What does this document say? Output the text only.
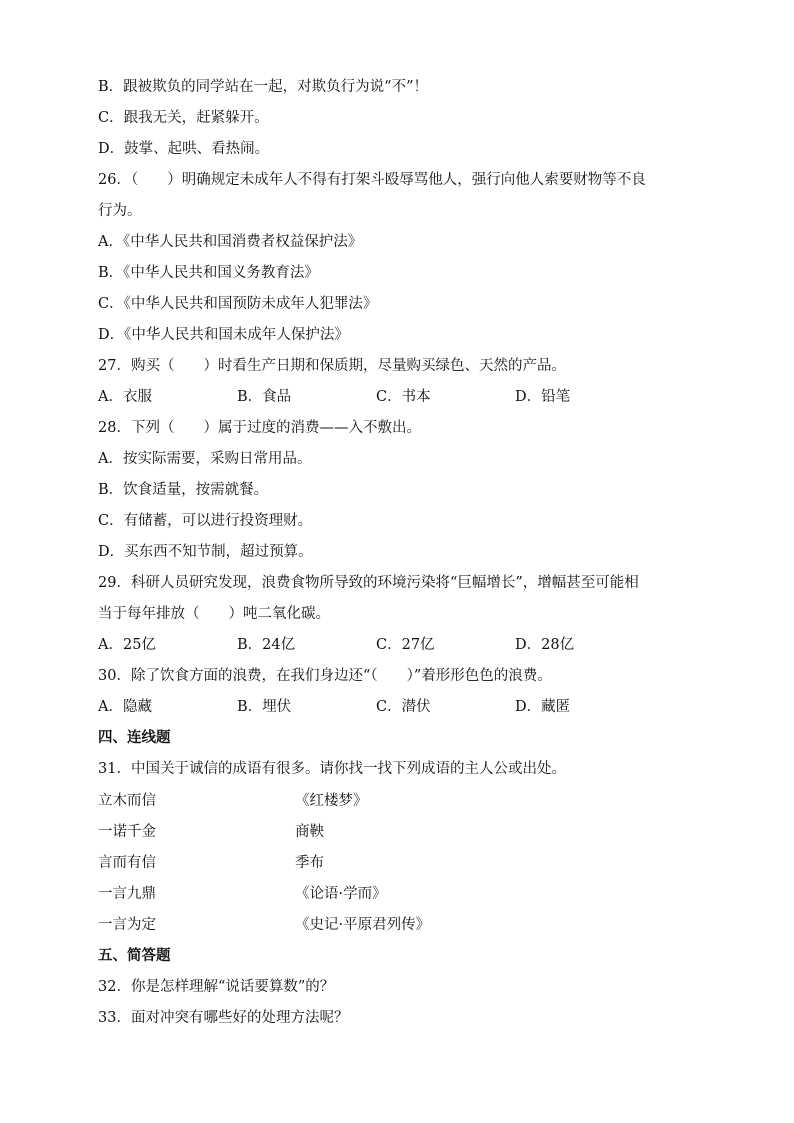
B．跟被欺负的同学站在一起，对欺负行为说“不”！
C．跟我无关，赶紧躲开。
D．鼓掌、起哄、看热闹。
26．（　　）明确规定未成年人不得有打架斗殴辱骂他人，强行向他人索要财物等不良
行为。
A．《中华人民共和国消费者权益保护法》
B．《中华人民共和国义务教育法》
C．《中华人民共和国预防未成年人犯罪法》
D．《中华人民共和国未成年人保护法》
27．购买（　　）时看生产日期和保质期，尽量购买绿色、天然的产品。
A．衣服	B．食品	C．书本	D．铅笔
28．下列（　　）属于过度的消费——入不敷出。
A．按实际需要，采购日常用品。
B．饮食适量，按需就餐。
C．有储蓄，可以进行投资理财。
D．买东西不知节制，超过预算。
29．科研人员研究发现，浪费食物所导致的环境污染将“巨幅增长”，增幅甚至可能相
当于每年排放（　　）吨二氧化碳。
A．25亿	B．24亿	C．27亿	D．28亿
30．除了饮食方面的浪费，在我们身边还“（　　）”着形形色色的浪费。
A．隐藏	B．埋伏	C．潜伏	D．藏匿
四、连线题
31．中国关于诚信的成语有很多。请你找一找下列成语的主人公或出处。
立木而信	《红楼梦》
一诺千金	商鞅
言而有信	季布
一言九鼎	《论语·学而》
一言为定	《史记·平原君列传》
五、简答题
32．你是怎样理解“说话要算数”的？
33．面对冲突有哪些好的处理方法呢？
